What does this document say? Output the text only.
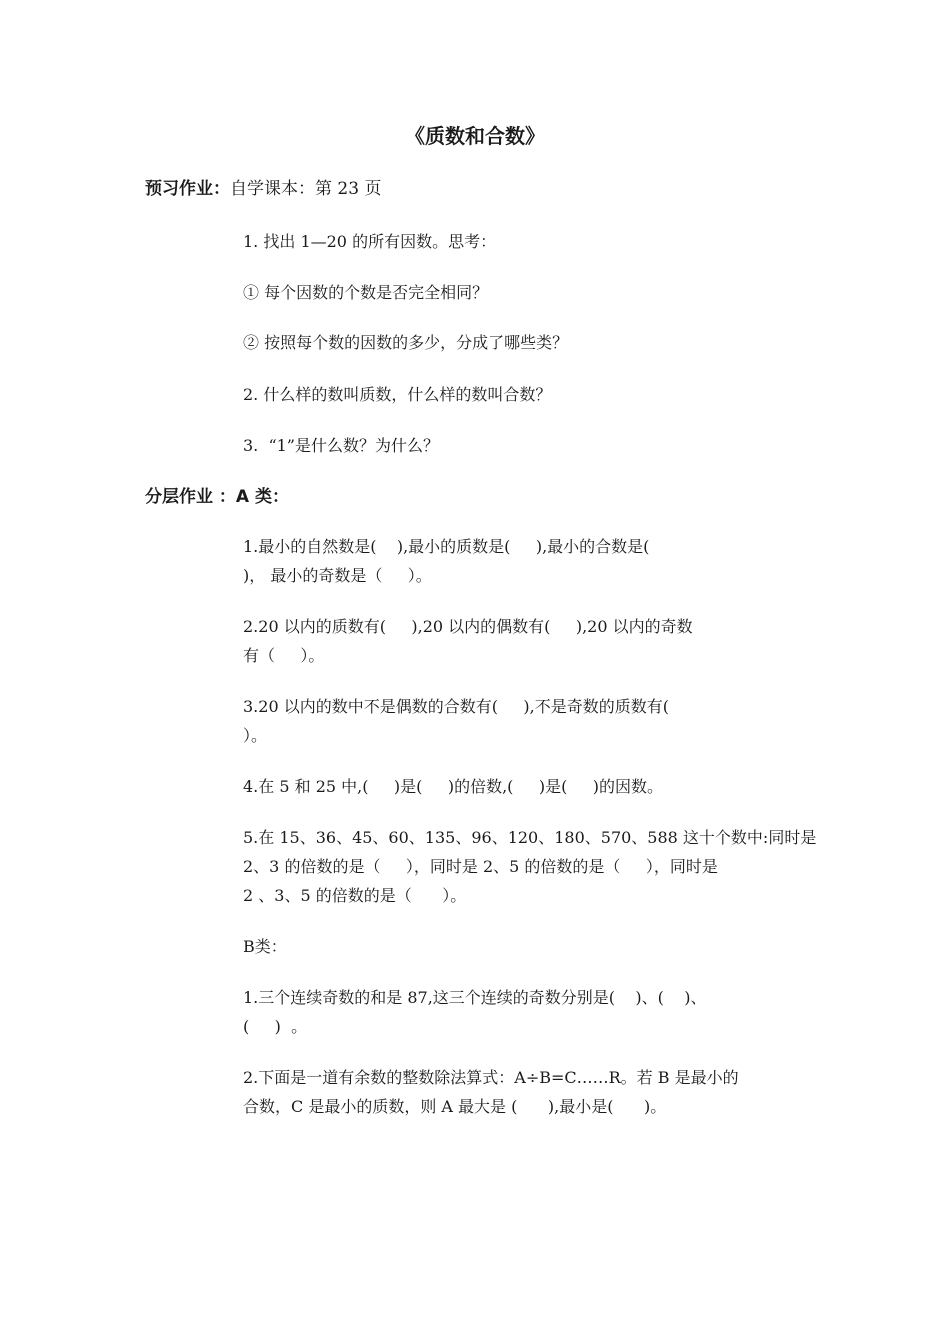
《质数和合数》
预习作业：自学课本：第 23 页
1. 找出 1—20 的所有因数。思考：
① 每个因数的个数是否完全相同？
② 按照每个数的因数的多少，分成了哪些类？
2. 什么样的数叫质数，什么样的数叫合数？
3.  “1”是什么数？为什么？
分层作业 ：A 类：
1.最小的自然数是(    ),最小的质数是(     ),最小的合数是(
)， 最小的奇数是（     ）。
2.20 以内的质数有(     ),20 以内的偶数有(     ),20 以内的奇数
有（     ）。
3.20 以内的数中不是偶数的合数有(     ),不是奇数的质数有(
）。
4.在 5 和 25 中,(     )是(     )的倍数,(     )是(     )的因数。
5.在 15、36、45、60、135、96、120、180、570、588 这十个数中:同时是
2、3 的倍数的是（     ），同时是 2、5 的倍数的是（     ），同时是
2 、3、5 的倍数的是（      ）。
B类：
1.三个连续奇数的和是 87,这三个连续的奇数分别是(    )、(    )、
(     )  。
2.下面是一道有余数的整数除法算式：A÷B=C……R。若 B 是最小的
合数，C 是最小的质数，则 A 最大是 (      ),最小是(      )。
